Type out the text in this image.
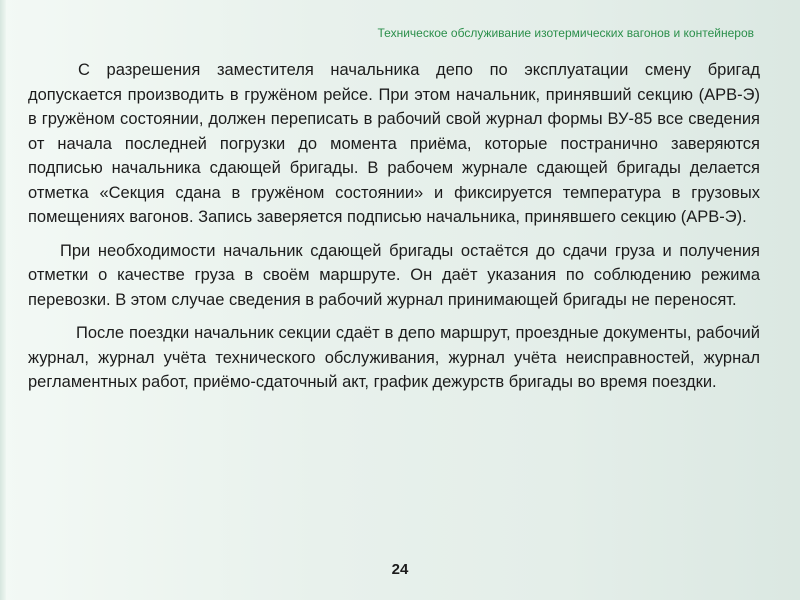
Техническое обслуживание изотермических вагонов и контейнеров

С разрешения заместителя начальника депо по эксплуатации смену бригад допускается производить в гружёном рейсе. При этом начальник, принявший секцию (АРВ-Э) в гружёном состоянии, должен переписать в рабочий свой журнал формы ВУ-85 все сведения от начала последней погрузки до момента приёма, которые постранично заверяются подписью начальника сдающей бригады. В рабочем журнале сдающей бригады делается отметка «Секция сдана в гружёном состоянии» и фиксируется температура в грузовых помещениях вагонов. Запись заверяется подписью начальника, принявшего секцию (АРВ-Э).

При необходимости начальник сдающей бригады остаётся до сдачи груза и получения отметки о качестве груза в своём маршруте. Он даёт указания по соблюдению режима перевозки. В этом случае сведения в рабочий журнал принимающей бригады не переносят.

После поездки начальник секции сдаёт в депо маршрут, проездные документы, рабочий журнал, журнал учёта технического обслуживания, журнал учёта неисправностей, журнал регламентных работ, приёмо-сдаточный акт, график дежурств бригады во время поездки.

24
